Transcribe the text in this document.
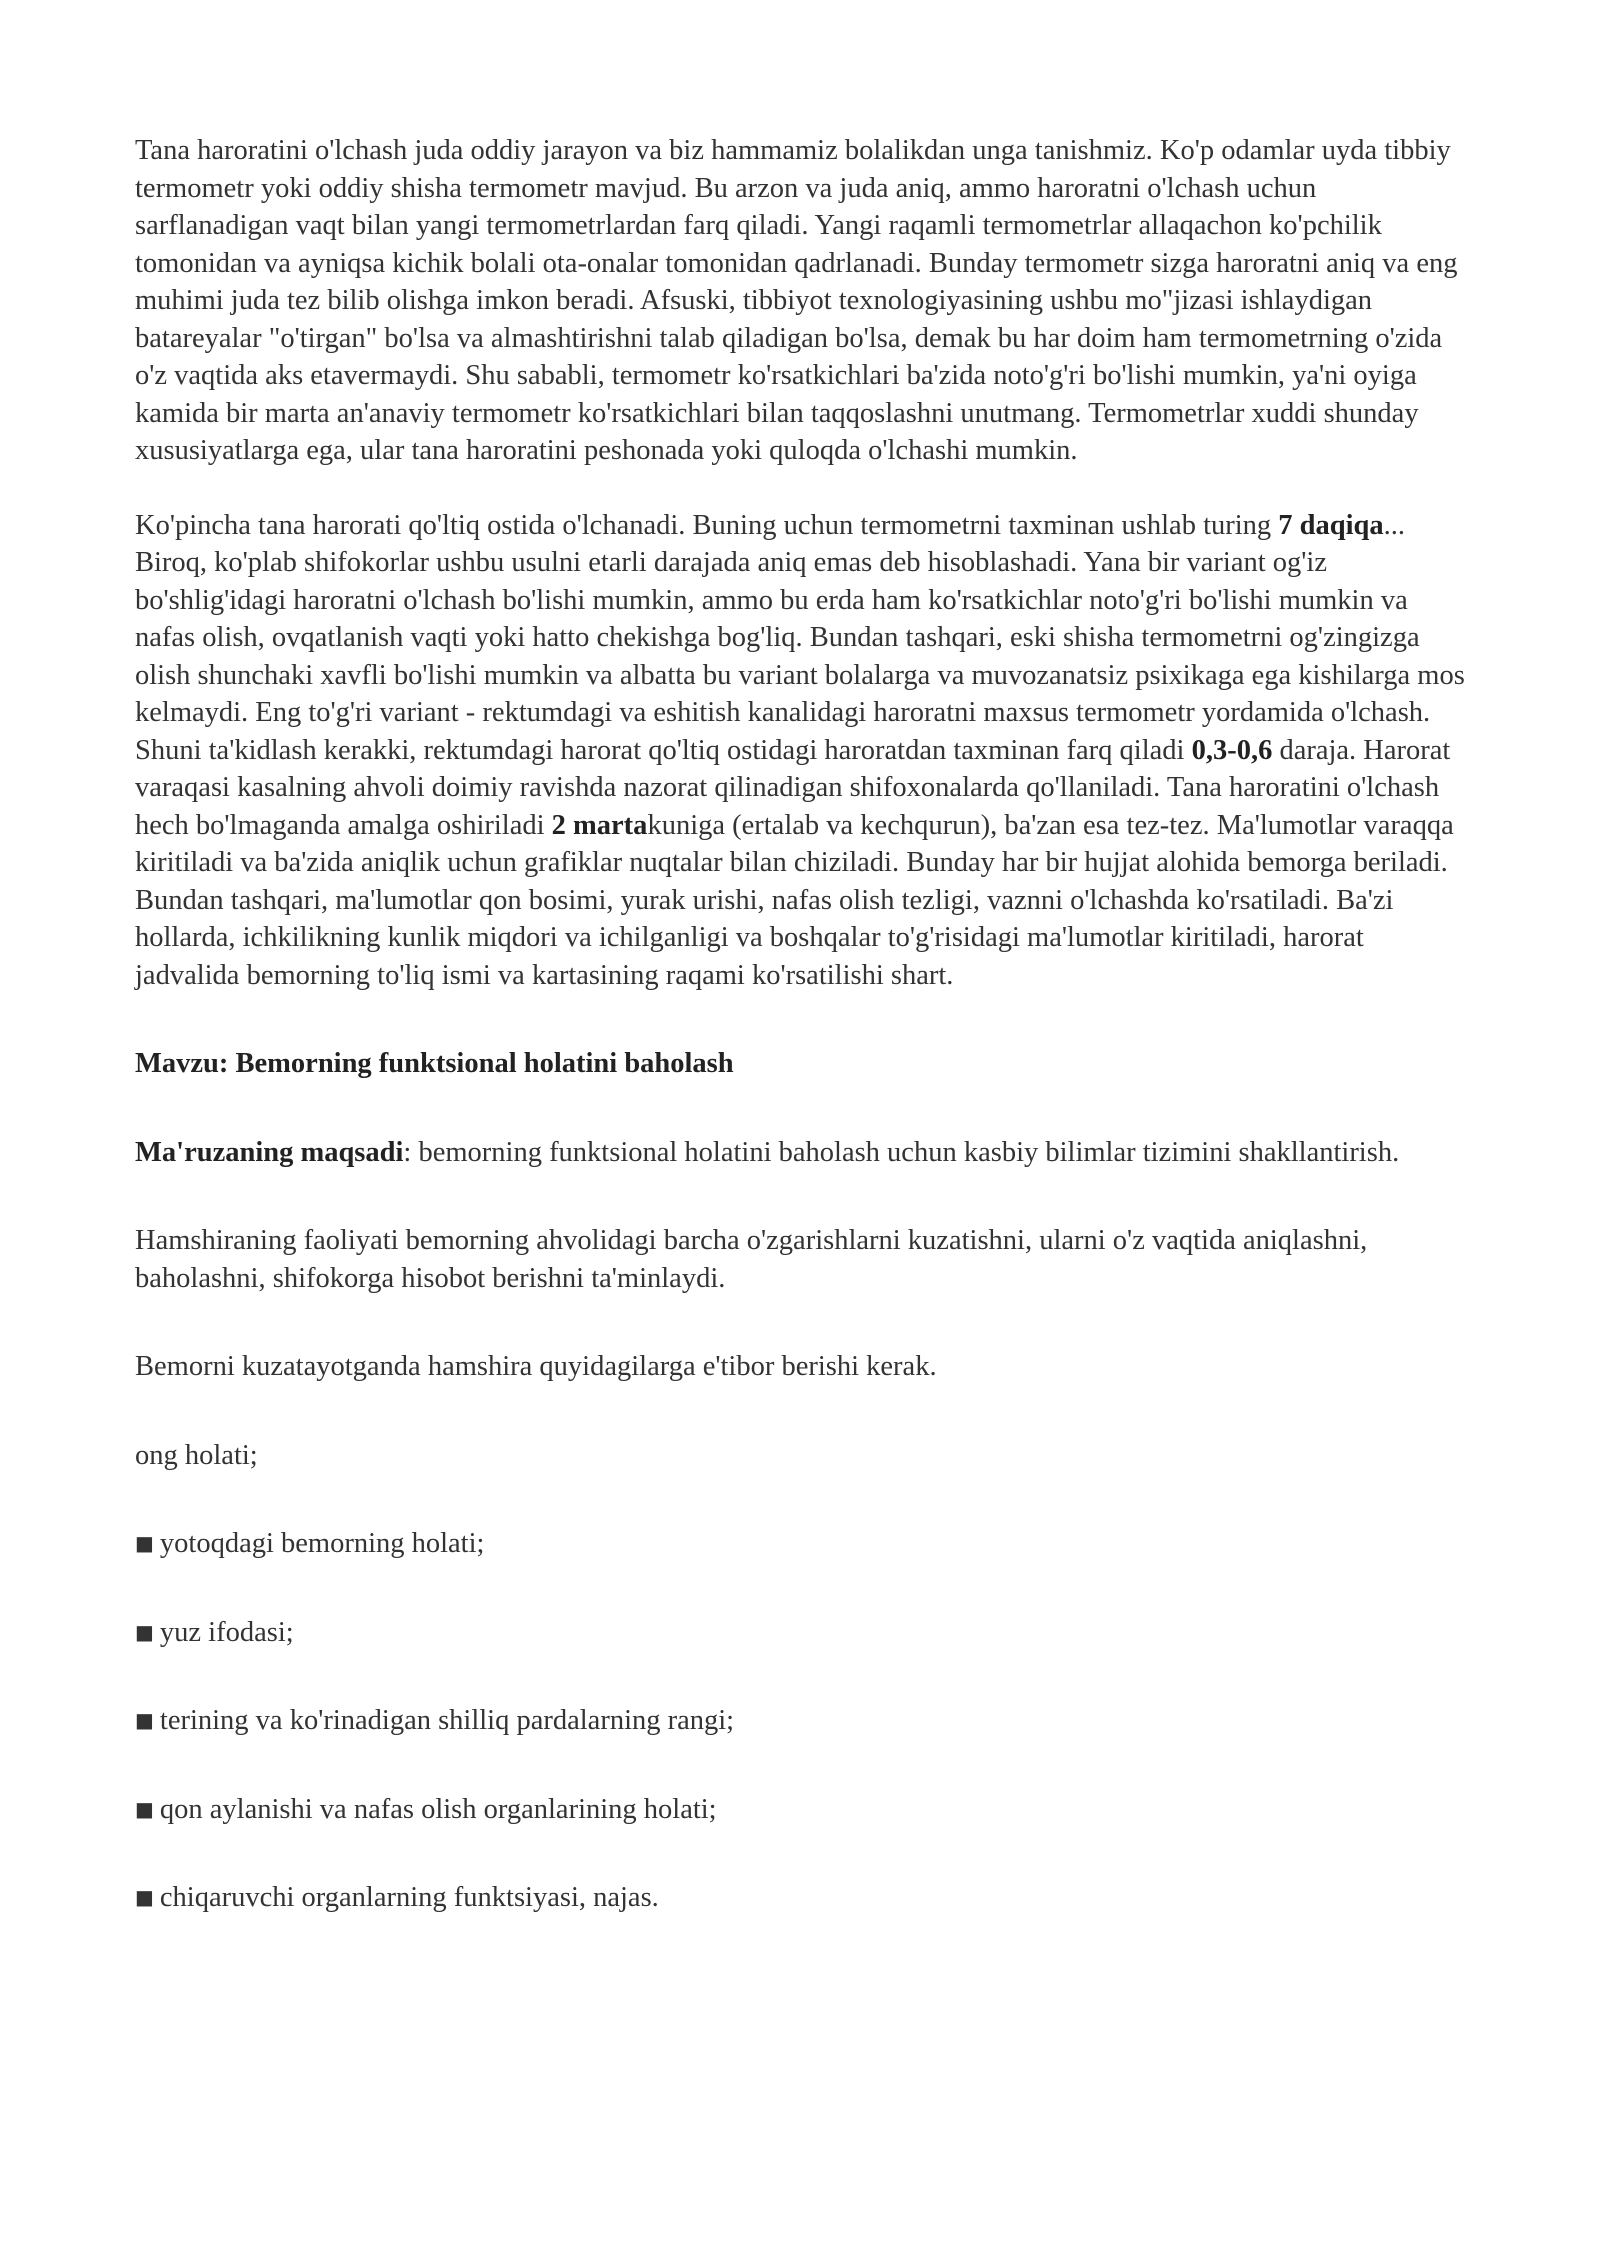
Tana haroratini o'lchash juda oddiy jarayon va biz hammamiz bolalikdan unga tanishmiz. Ko'p odamlar uyda tibbiy termometr yoki oddiy shisha termometr mavjud. Bu arzon va juda aniq, ammo haroratni o'lchash uchun sarflanadigan vaqt bilan yangi termometrlardan farq qiladi. Yangi raqamli termometrlar allaqachon ko'pchilik tomonidan va ayniqsa kichik bolali ota-onalar tomonidan qadrlanadi. Bunday termometr sizga haroratni aniq va eng muhimi juda tez bilib olishga imkon beradi. Afsuski, tibbiyot texnologiyasining ushbu mo"jizasi ishlaydigan batareyalar "o'tirgan" bo'lsa va almashtirishni talab qiladigan bo'lsa, demak bu har doim ham termometrning o'zida o'z vaqtida aks etavermaydi. Shu sababli, termometr ko'rsatkichlari ba'zida noto'g'ri bo'lishi mumkin, ya'ni oyiga kamida bir marta an'anaviy termometr ko'rsatkichlari bilan taqqoslashni unutmang. Termometrlar xuddi shunday xususiyatlarga ega, ular tana haroratini peshonada yoki quloqda o'lchashi mumkin.

Ko'pincha tana harorati qo'ltiq ostida o'lchanadi. Buning uchun termometrni taxminan ushlab turing 7 daqiqa... Biroq, ko'plab shifokorlar ushbu usulni etarli darajada aniq emas deb hisoblashadi. Yana bir variant og'iz bo'shlig'idagi haroratni o'lchash bo'lishi mumkin, ammo bu erda ham ko'rsatkichlar noto'g'ri bo'lishi mumkin va nafas olish, ovqatlanish vaqti yoki hatto chekishga bog'liq. Bundan tashqari, eski shisha termometrni og'zingizga olish shunchaki xavfli bo'lishi mumkin va albatta bu variant bolalarga va muvozanatsiz psixikaga ega kishilarga mos kelmaydi. Eng to'g'ri variant - rektumdagi va eshitish kanalidagi haroratni maxsus termometr yordamida o'lchash. Shuni ta'kidlash kerakki, rektumdagi harorat qo'ltiq ostidagi haroratdan taxminan farq qiladi 0,3-0,6 daraja. Harorat varaqasi kasalning ahvoli doimiy ravishda nazorat qilinadigan shifoxonalarda qo'llaniladi. Tana haroratini o'lchash hech bo'lmaganda amalga oshiriladi 2 martakuniga (ertalab va kechqurun), ba'zan esa tez-tez. Ma'lumotlar varaqqa kiritiladi va ba'zida aniqlik uchun grafiklar nuqtalar bilan chiziladi. Bunday har bir hujjat alohida bemorga beriladi. Bundan tashqari, ma'lumotlar qon bosimi, yurak urishi, nafas olish tezligi, vaznni o'lchashda ko'rsatiladi. Ba'zi hollarda, ichkilikning kunlik miqdori va ichilganligi va boshqalar to'g'risidagi ma'lumotlar kiritiladi, harorat jadvalida bemorning to'liq ismi va kartasining raqami ko'rsatilishi shart.

Mavzu: Bemorning funktsional holatini baholash

Ma'ruzaning maqsadi: bemorning funktsional holatini baholash uchun kasbiy bilimlar tizimini shakllantirish.

Hamshiraning faoliyati bemorning ahvolidagi barcha o'zgarishlarni kuzatishni, ularni o'z vaqtida aniqlashni, baholashni, shifokorga hisobot berishni ta'minlaydi.

Bemorni kuzatayotganda hamshira quyidagilarga e'tibor berishi kerak.

ong holati;

■ yotoqdagi bemorning holati;

■ yuz ifodasi;

■ terining va ko'rinadigan shilliq pardalarning rangi;

■ qon aylanishi va nafas olish organlarining holati;

■ chiqaruvchi organlarning funktsiyasi, najas.
